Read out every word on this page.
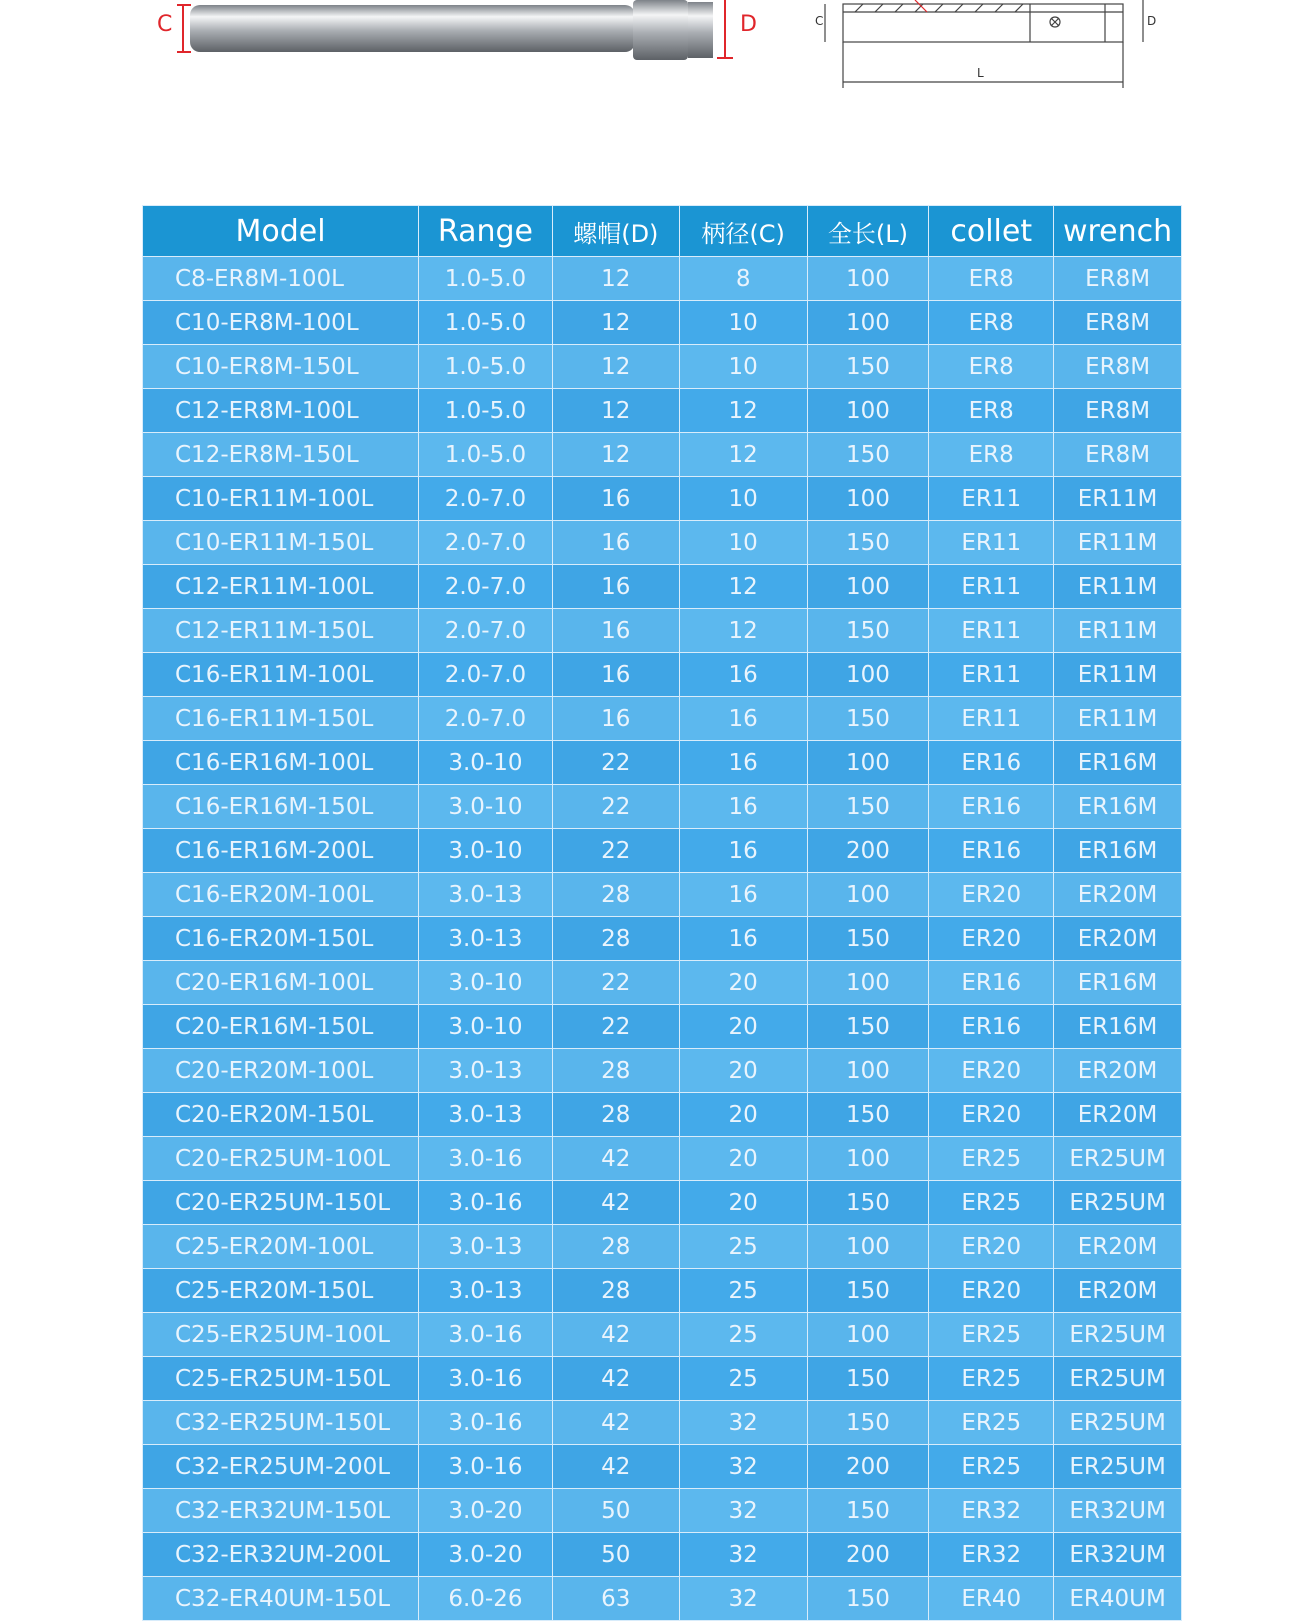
C	D	C	D
L
Model	Range	螺帽(D)	柄径(C)	全长(L)	collet	wrench
C8-ER8M-100L	1.0-5.0	12	8	100	ER8	ER8M
C10-ER8M-100L	1.0-5.0	12	10	100	ER8	ER8M
C10-ER8M-150L	1.0-5.0	12	10	150	ER8	ER8M
C12-ER8M-100L	1.0-5.0	12	12	100	ER8	ER8M
C12-ER8M-150L	1.0-5.0	12	12	150	ER8	ER8M
C10-ER11M-100L	2.0-7.0	16	10	100	ER11	ER11M
C10-ER11M-150L	2.0-7.0	16	10	150	ER11	ER11M
C12-ER11M-100L	2.0-7.0	16	12	100	ER11	ER11M
C12-ER11M-150L	2.0-7.0	16	12	150	ER11	ER11M
C16-ER11M-100L	2.0-7.0	16	16	100	ER11	ER11M
C16-ER11M-150L	2.0-7.0	16	16	150	ER11	ER11M
C16-ER16M-100L	3.0-10	22	16	100	ER16	ER16M
C16-ER16M-150L	3.0-10	22	16	150	ER16	ER16M
C16-ER16M-200L	3.0-10	22	16	200	ER16	ER16M
C16-ER20M-100L	3.0-13	28	16	100	ER20	ER20M
C16-ER20M-150L	3.0-13	28	16	150	ER20	ER20M
C20-ER16M-100L	3.0-10	22	20	100	ER16	ER16M
C20-ER16M-150L	3.0-10	22	20	150	ER16	ER16M
C20-ER20M-100L	3.0-13	28	20	100	ER20	ER20M
C20-ER20M-150L	3.0-13	28	20	150	ER20	ER20M
C20-ER25UM-100L	3.0-16	42	20	100	ER25	ER25UM
C20-ER25UM-150L	3.0-16	42	20	150	ER25	ER25UM
C25-ER20M-100L	3.0-13	28	25	100	ER20	ER20M
C25-ER20M-150L	3.0-13	28	25	150	ER20	ER20M
C25-ER25UM-100L	3.0-16	42	25	100	ER25	ER25UM
C25-ER25UM-150L	3.0-16	42	25	150	ER25	ER25UM
C32-ER25UM-150L	3.0-16	42	32	150	ER25	ER25UM
C32-ER25UM-200L	3.0-16	42	32	200	ER25	ER25UM
C32-ER32UM-150L	3.0-20	50	32	150	ER32	ER32UM
C32-ER32UM-200L	3.0-20	50	32	200	ER32	ER32UM
C32-ER40UM-150L	6.0-26	63	32	150	ER40	ER40UM
